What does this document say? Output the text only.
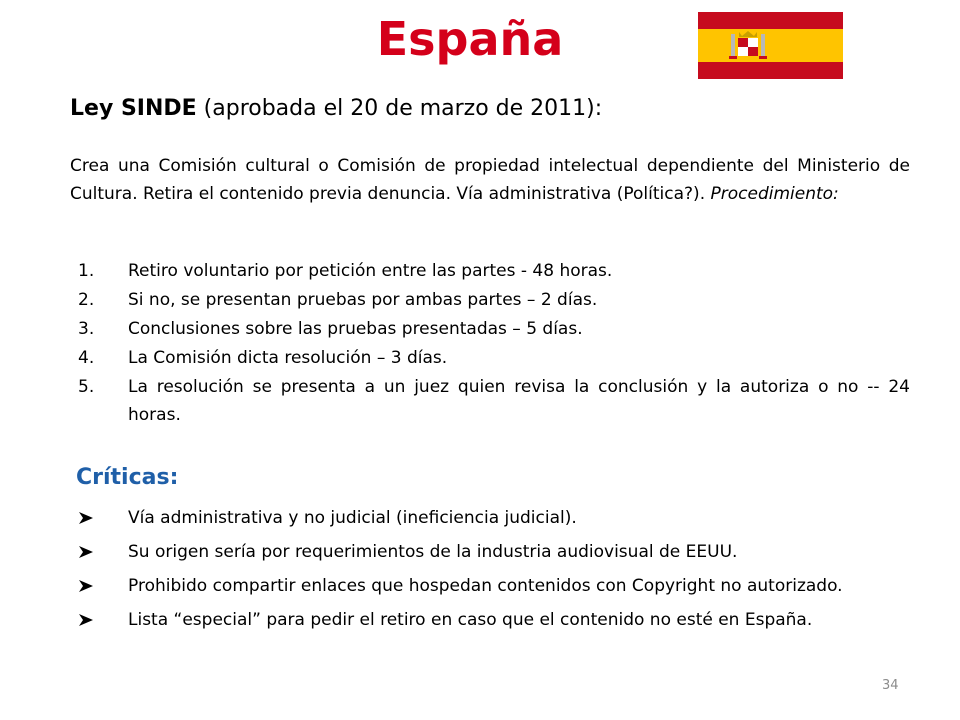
España
Ley SINDE (aprobada el 20 de marzo de 2011):
Crea una Comisión cultural o Comisión de propiedad intelectual dependiente del Ministerio de Cultura. Retira el contenido previa denuncia. Vía administrativa (Política?). Procedimiento:
1. Retiro voluntario por petición entre las partes - 48 horas.
2. Si no, se presentan pruebas por ambas partes – 2 días.
3. Conclusiones sobre las pruebas presentadas – 5 días.
4. La Comisión dicta resolución – 3 días.
5. La resolución se presenta a un juez quien revisa la conclusión y la autoriza o no -- 24 horas.
Críticas:
Vía administrativa y no judicial (ineficiencia judicial).
Su origen sería por requerimientos de la industria audiovisual de EEUU.
Prohibido compartir enlaces que hospedan contenidos con Copyright no autorizado.
Lista “especial” para pedir el retiro en caso que el contenido no esté en España.
34
